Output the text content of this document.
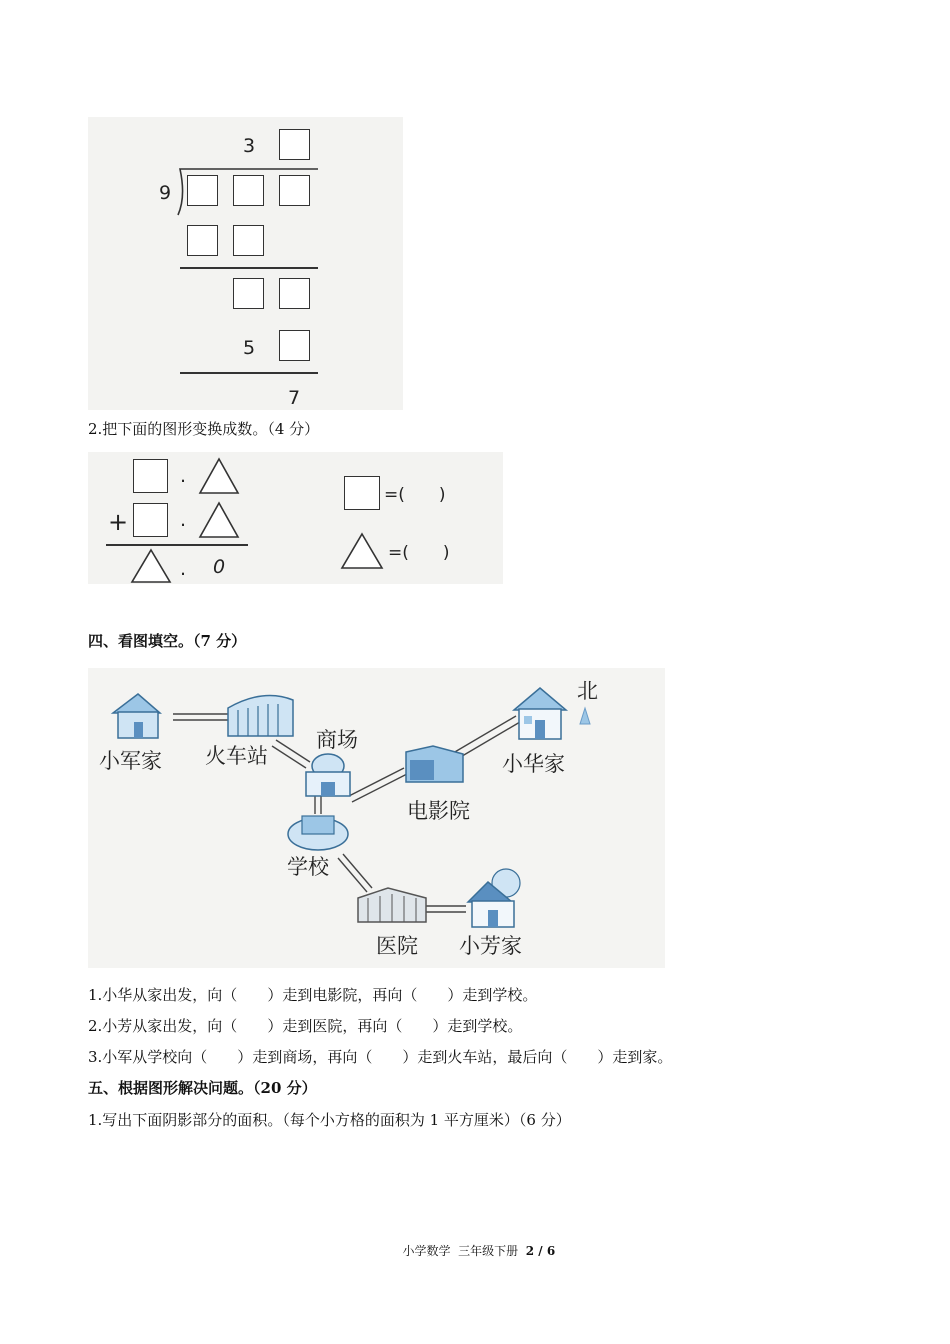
3
9
5
7
2.把下面的图形变换成数。（4 分）
.
+	.
. 0
=(　　)
=(　　)
四、看图填空。（7 分）
北
小军家 火车站
商场
电影院
小华家
学校
医院 小芳家
1.小华从家出发，向（　　）走到电影院，再向（　　）走到学校。
2.小芳从家出发，向（　　）走到医院，再向（　　）走到学校。
3.小军从学校向（　　）走到商场，再向（　　）走到火车站，最后向（　　）走到家。
五、根据图形解决问题。（20 分）
1.写出下面阴影部分的面积。（每个小方格的面积为 1 平方厘米）（6 分）

小学数学  三年级下册  2 / 6
